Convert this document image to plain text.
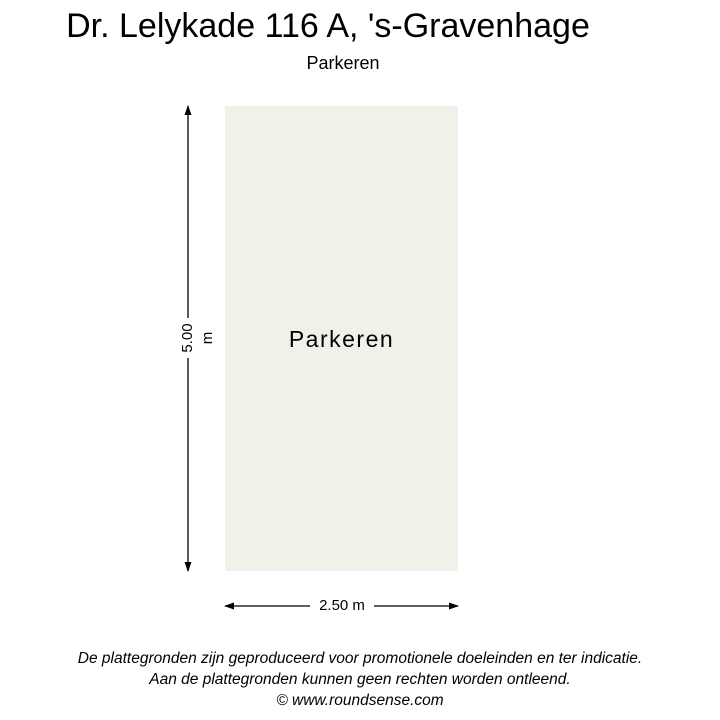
Dr. Lelykade 116 A, 's-Gravenhage
Parkeren
Parkeren
5.00 m
2.50 m
De plattegronden zijn geproduceerd voor promotionele doeleinden en ter indicatie.
Aan de plattegronden kunnen geen rechten worden ontleend.
© www.roundsense.com
